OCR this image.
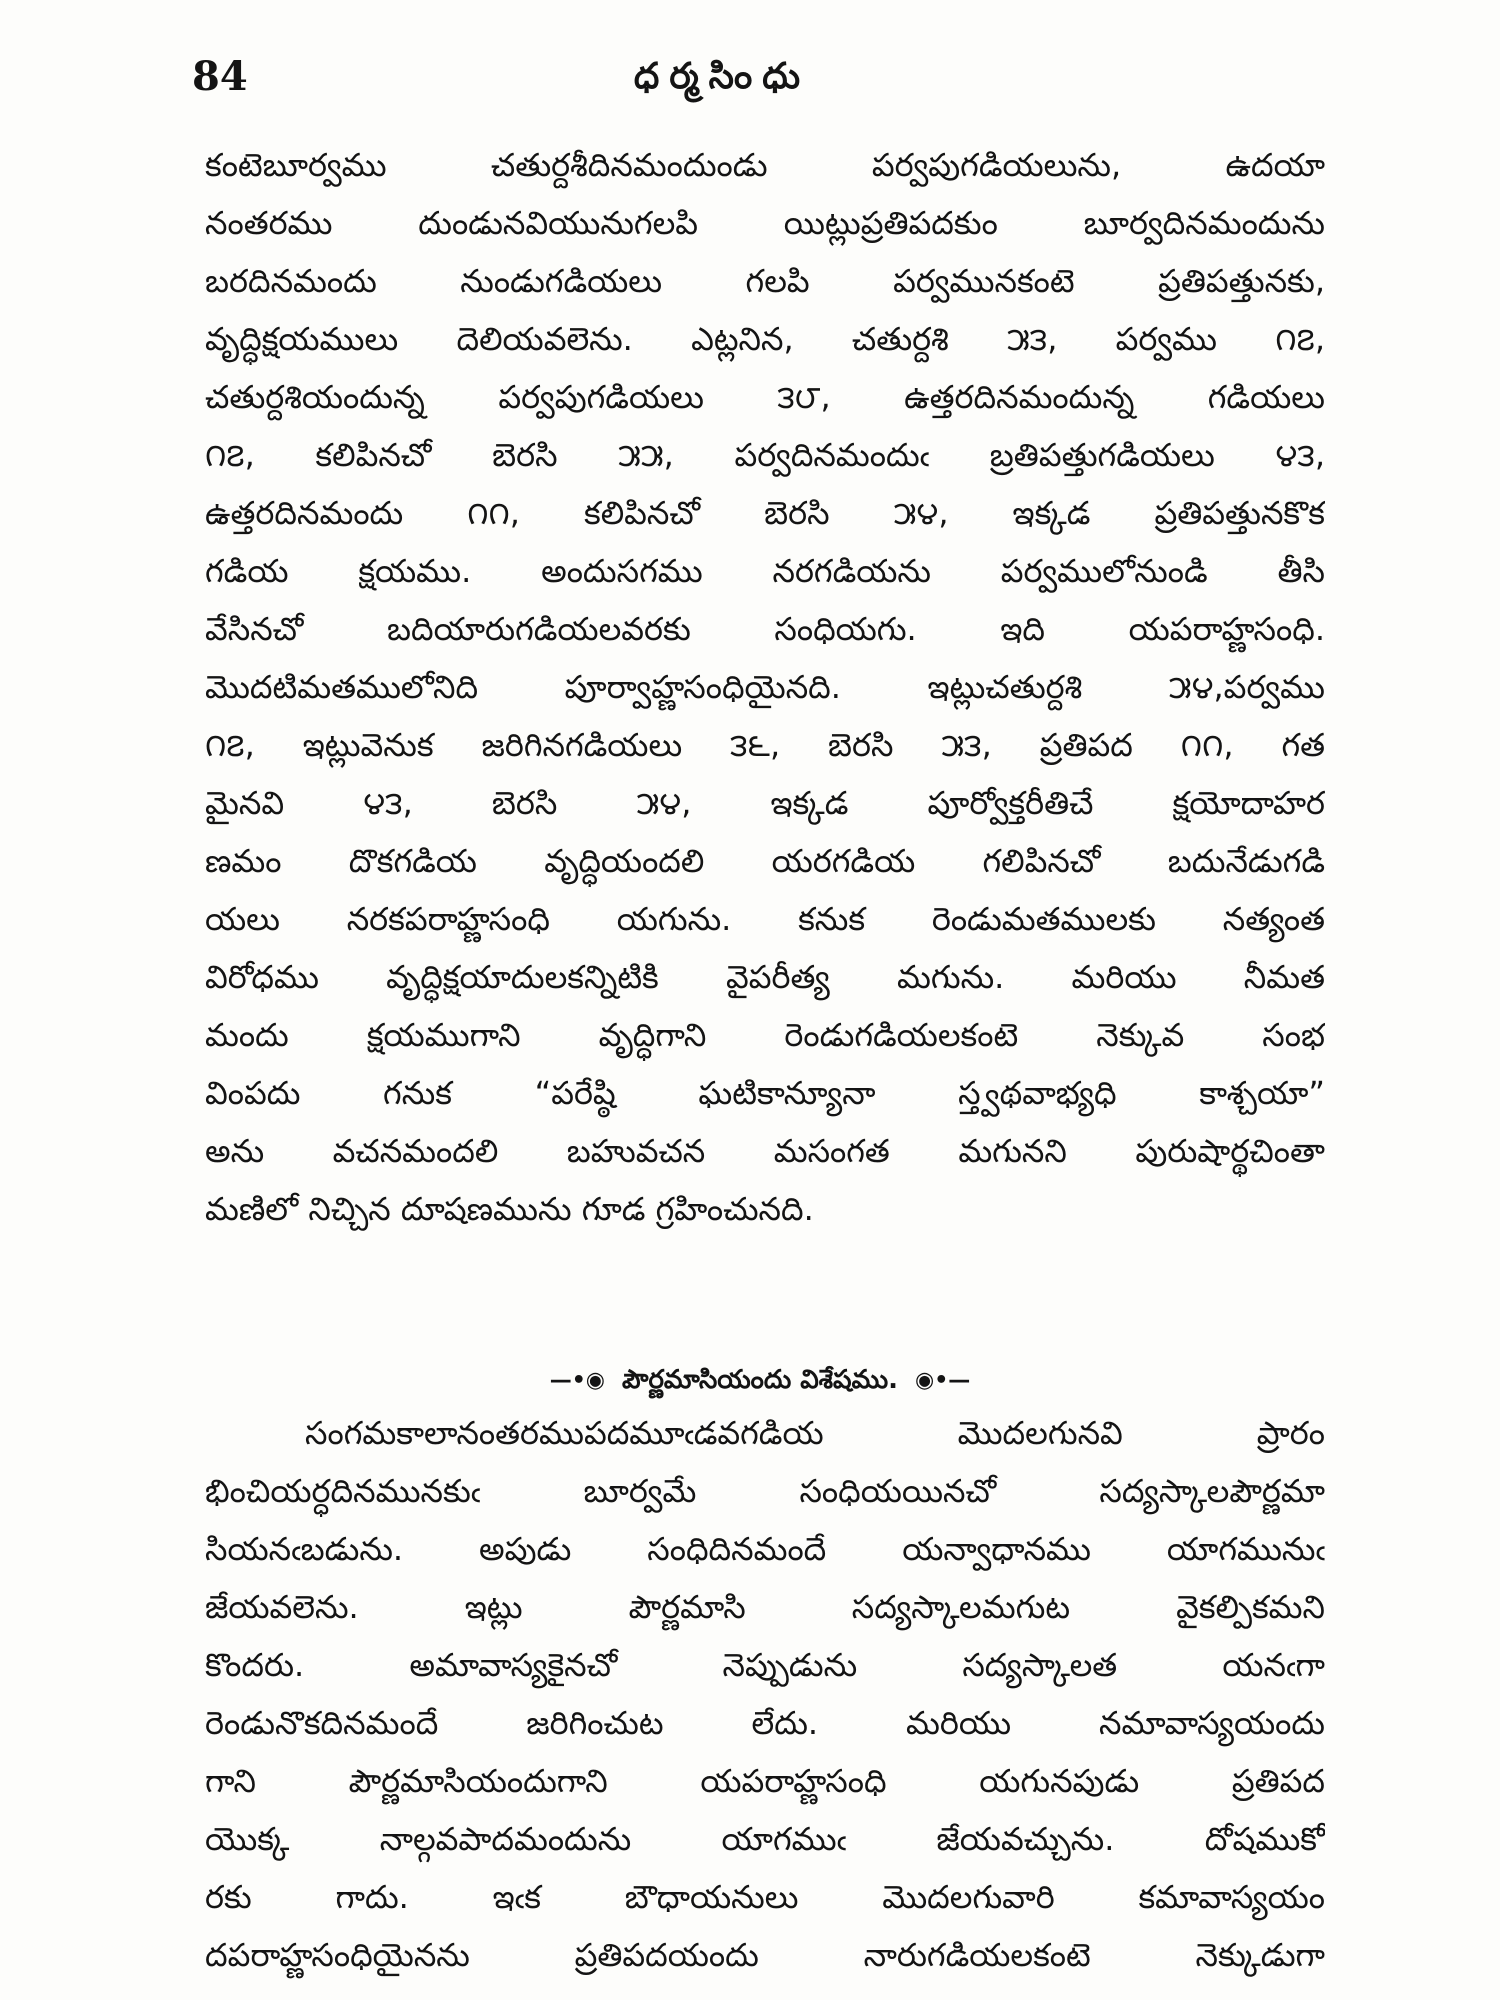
84	ధర్మసింధు
కంటెబూర్వము చతుర్దశీదినమందుండు పర్వపుగడియలును, ఉదయా
నంతరము దుండునవియునుగలపి యిట్లుప్రతిపదకుం బూర్వదినమందును
బరదినమందు నుండుగడియలు గలపి పర్వమునకంటె ప్రతిపత్తునకు,
వృద్ధిక్షయములు దెలియవలెను. ఎట్లనిన, చతుర్దశి ౫౩, పర్వము ౧౭,
చతుర్దశియందున్న పర్వపుగడియలు ౩౮, ఉత్తరదినమందున్న గడియలు
౧౭, కలిపినచో బెరసి ౫౫, పర్వదినమందుఁ బ్రతిపత్తుగడియలు ౪౩,
ఉత్తరదినమందు ౧౧, కలిపినచో బెరసి ౫౪, ఇక్కడ ప్రతిపత్తునకొక
గడియ క్షయము. అందుసగము నరగడియను పర్వములోనుండి తీసి
వేసినచో బదియారుగడియలవరకు సంధియగు. ఇది యపరాహ్ణసంధి.
మొదటిమతములోనిది పూర్వాహ్ణసంధియైనది. ఇట్లుచతుర్దశి ౫౪,పర్వము
౧౭, ఇట్లువెనుక జరిగినగడియలు ౩౬, బెరసి ౫౩, ప్రతిపద ౧౧, గత
మైనవి ౪౩, బెరసి ౫౪, ఇక్కడ పూర్వోక్తరీతిచే క్షయోదాహర
ణమం దొకగడియ వృద్ధియందలి యరగడియ గలిపినచో బదునేడుగడి
యలు నరకపరాహ్ణసంధి యగును. కనుక రెండుమతములకు నత్యంత
విరోధము వృద్ధిక్షయాదులకన్నిటికి వైపరీత్య మగును. మరియు నీమత
మందు క్షయముగాని వృద్ధిగాని రెండుగడియలకంటె నెక్కువ సంభ
వింపదు గనుక “పరేష్ఠి ఘటికాన్యూనా స్త్వథవాభ్యధి కాశ్చయా”
అను వచనమందలి బహువచన మసంగత మగునని పురుషార్థచింతా
మణిలో నిచ్చిన దూషణమును గూడ గ్రహించునది.
—•◉ పౌర్ణమాసియందు విశేషము. ◉•—
సంగమకాలానంతరముపదమూఁడవగడియ మొదలగునవి ప్రారం
భించియర్ధదినమునకుఁ బూర్వమే సంధియయినచో సద్యస్కాలపౌర్ణమా
సియనఁబడును. అపుడు సంధిదినమందే యన్వాధానము యాగమునుఁ
జేయవలెను. ఇట్లు పౌర్ణమాసి సద్యస్కాలమగుట వైకల్పికమని
కొందరు. అమావాస్యకైనచో నెప్పుడును సద్యస్కాలత యనఁగా
రెండునొకదినమందే జరిగించుట లేదు. మరియు నమావాస్యయందు
గాని పౌర్ణమాసియందుగాని యపరాహ్ణసంధి యగునపుడు ప్రతిపద
యొక్క నాల్గవపాదమందును యాగముఁ జేయవచ్చును. దోషముకో
రకు గాదు. ఇఁక బౌధాయనులు మొదలగువారి కమావాస్యయం
దపరాహ్ణసంధియైనను ప్రతిపదయందు నారుగడియలకంటె నెక్కుడుగా
